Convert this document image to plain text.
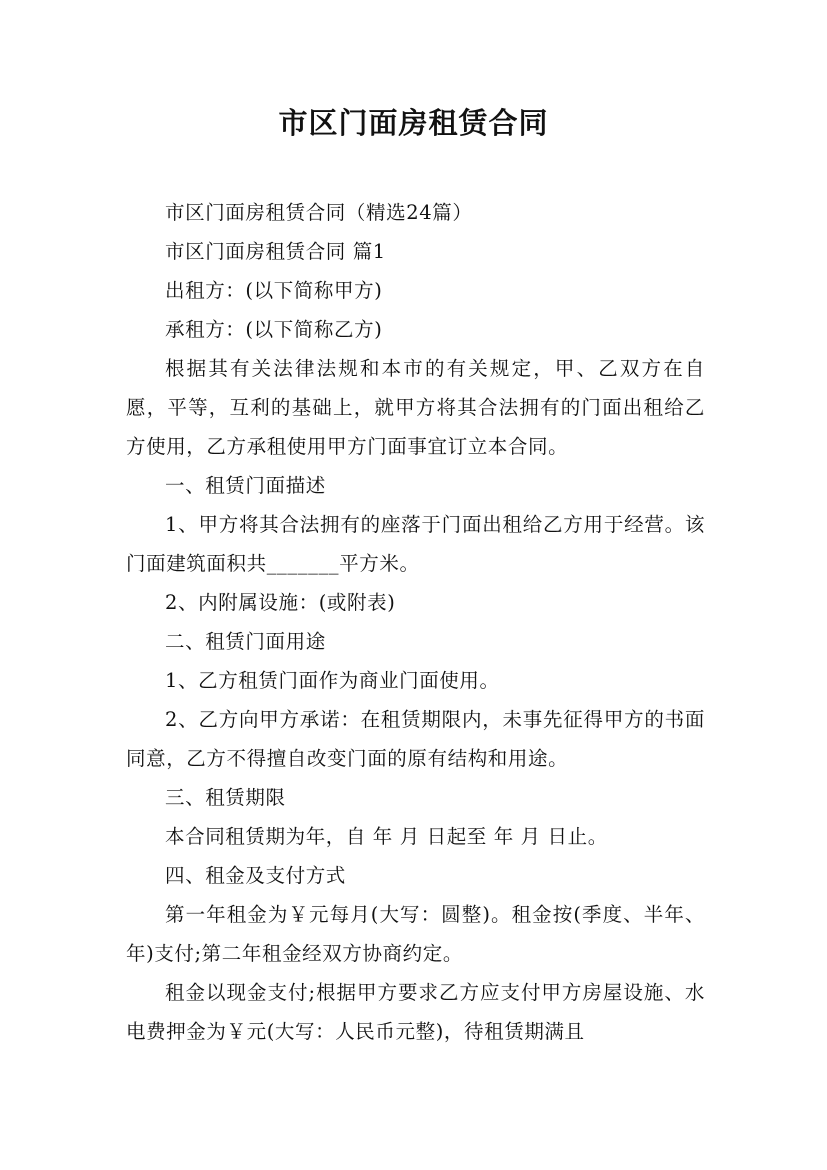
市区门面房租赁合同

市区门面房租赁合同（精选24篇）

市区门面房租赁合同 篇1

出租方：(以下简称甲方)

承租方：(以下简称乙方)

根据其有关法律法规和本市的有关规定，甲、乙双方在自愿，平等，互利的基础上，就甲方将其合法拥有的门面出租给乙方使用，乙方承租使用甲方门面事宜订立本合同。

一、租赁门面描述

1、甲方将其合法拥有的座落于门面出租给乙方用于经营。该门面建筑面积共_______平方米。

2、内附属设施：(或附表)

二、租赁门面用途

1、乙方租赁门面作为商业门面使用。

2、乙方向甲方承诺：在租赁期限内，未事先征得甲方的书面同意，乙方不得擅自改变门面的原有结构和用途。

三、租赁期限

本合同租赁期为年，自 年 月 日起至 年 月 日止。

四、租金及支付方式

第一年租金为￥元每月(大写：圆整)。租金按(季度、半年、年)支付;第二年租金经双方协商约定。

租金以现金支付;根据甲方要求乙方应支付甲方房屋设施、水电费押金为￥元(大写：人民币元整)，待租赁期满且
